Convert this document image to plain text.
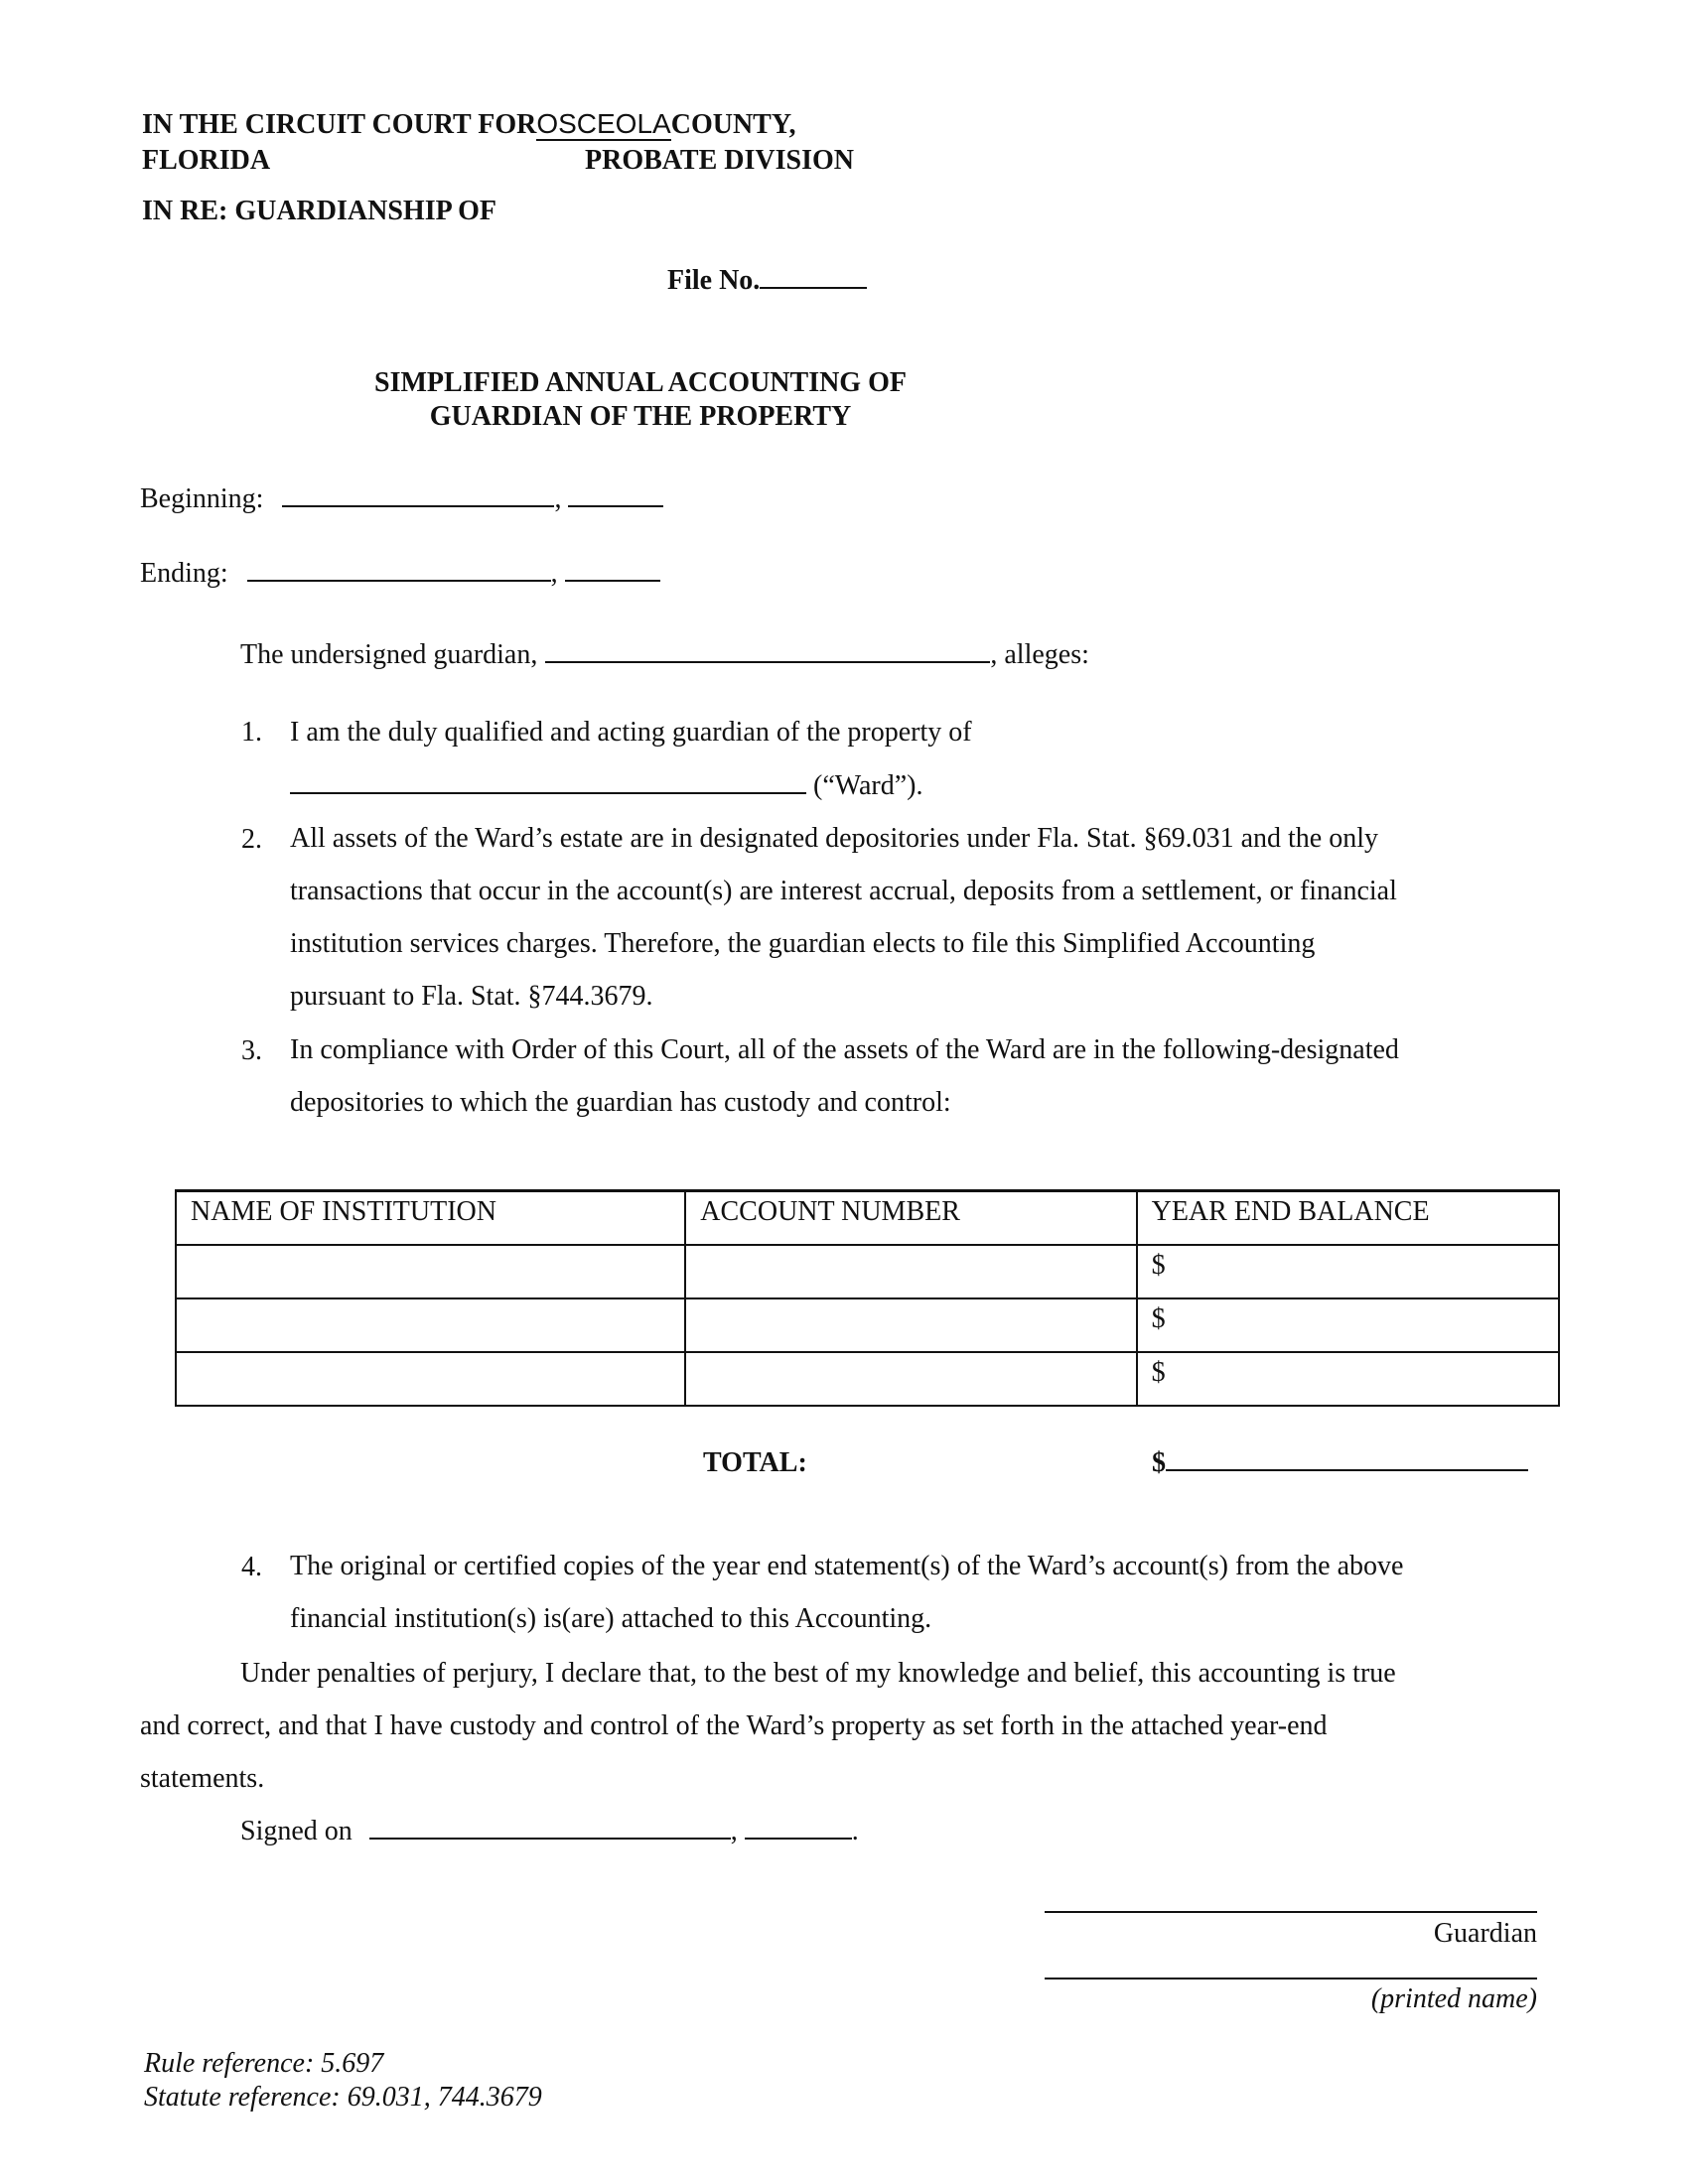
IN THE CIRCUIT COURT FOROSCEOLACOUNTY,
FLORIDA	PROBATE DIVISION
IN RE: GUARDIANSHIP OF
File No.
SIMPLIFIED ANNUAL ACCOUNTING OF
GUARDIAN OF THE PROPERTY
Beginning:	,
Ending:	,
The undersigned guardian,	, alleges:
1. I am the duly qualified and acting guardian of the property of
(“Ward”).
2. All assets of the Ward’s estate are in designated depositories under Fla. Stat. §69.031 and the only
transactions that occur in the account(s) are interest accrual, deposits from a settlement, or financial
institution services charges. Therefore, the guardian elects to file this Simplified Accounting
pursuant to Fla. Stat. §744.3679.
3. In compliance with Order of this Court, all of the assets of the Ward are in the following-designated
depositories to which the guardian has custody and control:
NAME OF INSTITUTION	ACCOUNT NUMBER	YEAR END BALANCE
		$
		$
		$
TOTAL:	$
4. The original or certified copies of the year end statement(s) of the Ward’s account(s) from the above
financial institution(s) is(are) attached to this Accounting.
Under penalties of perjury, I declare that, to the best of my knowledge and belief, this accounting is true
and correct, and that I have custody and control of the Ward’s property as set forth in the attached year-end
statements.
Signed on	,	.
Guardian
(printed name)
Rule reference: 5.697
Statute reference: 69.031, 744.3679
